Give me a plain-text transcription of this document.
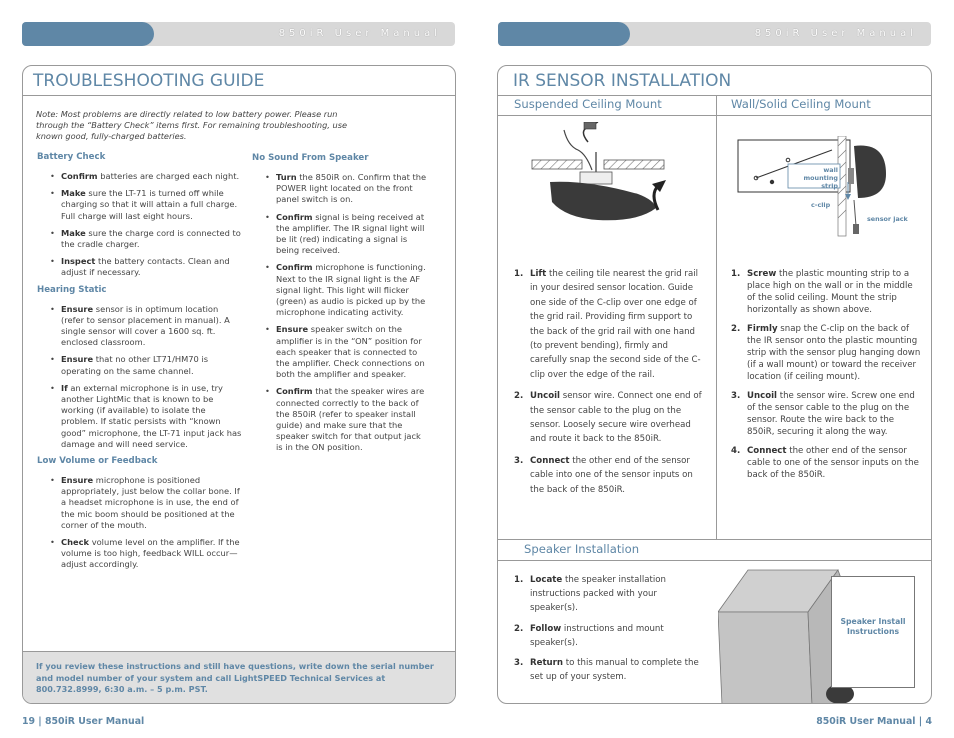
850iR User Manual
TROUBLESHOOTING GUIDE
Note: Most problems are directly related to low battery power. Please run through the “Battery Check” items first. For remaining troubleshooting, use known good, fully-charged batteries.
Battery Check
• Confirm batteries are charged each night.
• Make sure the LT-71 is turned off while charging so that it will attain a full charge. Full charge will last eight hours.
• Make sure the charge cord is connected to the cradle charger.
• Inspect the battery contacts. Clean and adjust if necessary.
Hearing Static
• Ensure sensor is in optimum location (refer to sensor placement in manual). A single sensor will cover a 1600 sq. ft. enclosed classroom.
• Ensure that no other LT71/HM70 is operating on the same channel.
• If an external microphone is in use, try another LightMic that is known to be working (if available) to isolate the problem. If static persists with “known good” microphone, the LT-71 input jack has damage and will need service.
Low Volume or Feedback
• Ensure microphone is positioned appropriately, just below the collar bone. If a headset microphone is in use, the end of the mic boom should be positioned at the corner of the mouth.
• Check volume level on the amplifier. If the volume is too high, feedback WILL occur—adjust accordingly.
No Sound From Speaker
• Turn the 850iR on. Confirm that the POWER light located on the front panel switch is on.
• Confirm signal is being received at the amplifier. The IR signal light will be lit (red) indicating a signal is being received.
• Confirm microphone is functioning. Next to the IR signal light is the AF signal light. This light will flicker (green) as audio is picked up by the microphone indicating activity.
• Ensure speaker switch on the amplifier is in the “ON” position for each speaker that is connected to the amplifier. Check connections on both the amplifier and speaker.
• Confirm that the speaker wires are connected correctly to the back of the 850iR (refer to speaker install guide) and make sure that the speaker switch for that output jack is in the ON position.

If you review these instructions and still have questions, write down the serial number and model number of your system and call LightSPEED Technical Services at 800.732.8999, 6:30 a.m. – 5 p.m. PST.

19 | 850iR User Manual
850iR User Manual
IR SENSOR INSTALLATION
Suspended Ceiling Mount	Wall/Solid Ceiling Mount
wall mounting strip
c-clip
sensor jack
1. Lift the ceiling tile nearest the grid rail in your desired sensor location. Guide one side of the C-clip over one edge of the grid rail. Providing firm support to the back of the grid rail with one hand (to prevent bending), firmly and carefully snap the second side of the C-clip over the edge of the rail.
2. Uncoil sensor wire. Connect one end of the sensor cable to the plug on the sensor. Loosely secure wire overhead and route it back to the 850iR.
3. Connect the other end of the sensor cable into one of the sensor inputs on the back of the 850iR.
1. Screw the plastic mounting strip to a place high on the wall or in the middle of the solid ceiling. Mount the strip horizontally as shown above.
2. Firmly snap the C-clip on the back of the IR sensor onto the plastic mounting strip with the sensor plug hanging down (if a wall mount) or toward the receiver location (if ceiling mount).
3. Uncoil the sensor wire. Screw one end of the sensor cable to the plug on the sensor. Route the wire back to the 850iR, securing it along the way.
4. Connect the other end of the sensor cable to one of the sensor inputs on the back of the 850iR.
Speaker Installation
1. Locate the speaker installation instructions packed with your speaker(s).
2. Follow instructions and mount speaker(s).
3. Return to this manual to complete the set up of your system.
Speaker Install Instructions
850iR User Manual | 4
